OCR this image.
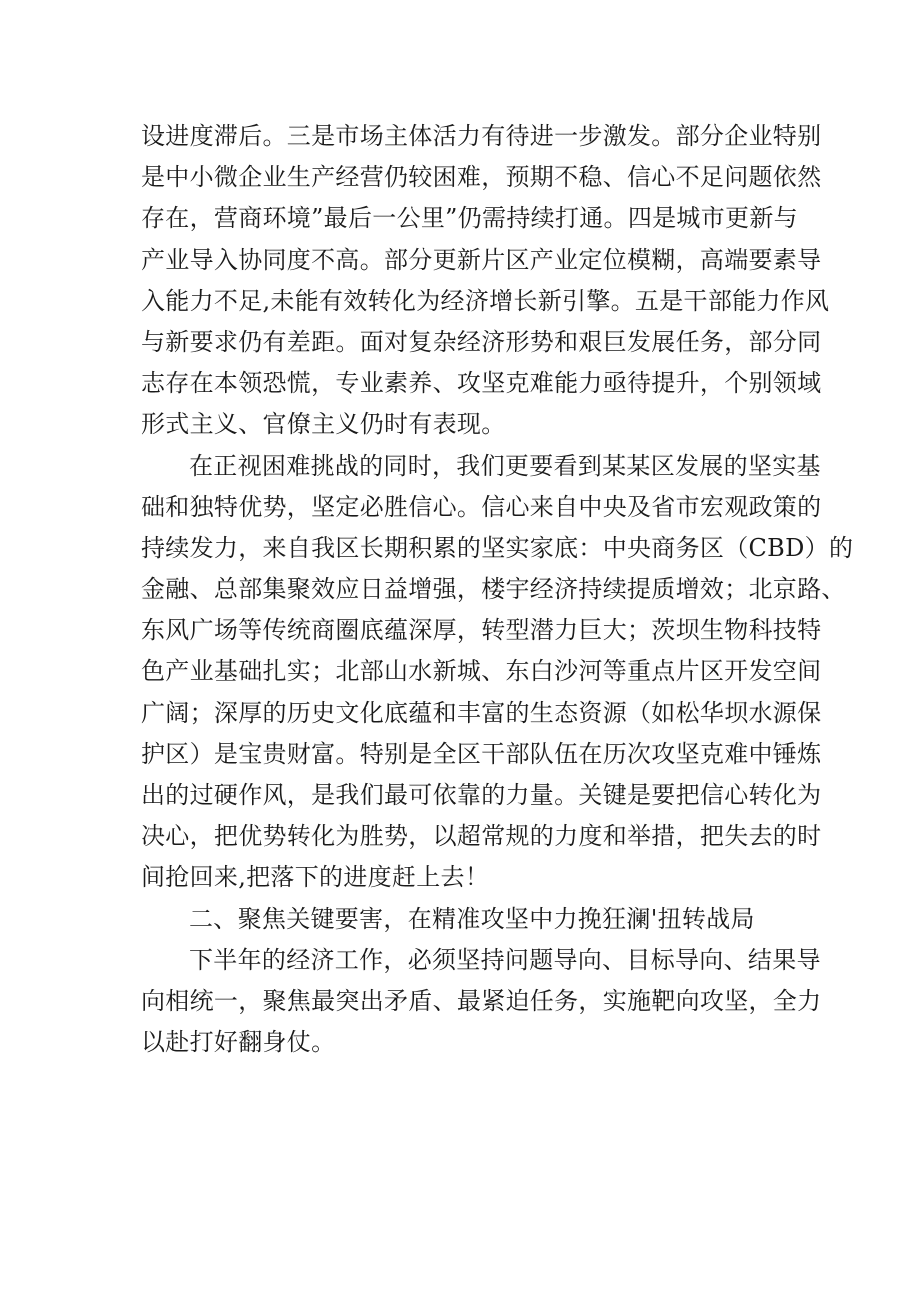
设进度滞后。三是市场主体活力有待进一步激发。部分企业特别
是中小微企业生产经营仍较困难，预期不稳、信心不足问题依然
存在，营商环境”最后一公里”仍需持续打通。四是城市更新与
产业导入协同度不高。部分更新片区产业定位模糊，高端要素导
入能力不足,未能有效转化为经济增长新引擎。五是干部能力作风
与新要求仍有差距。面对复杂经济形势和艰巨发展任务，部分同
志存在本领恐慌，专业素养、攻坚克难能力亟待提升，个别领域
形式主义、官僚主义仍时有表现。
在正视困难挑战的同时，我们更要看到某某区发展的坚实基
础和独特优势，坚定必胜信心。信心来自中央及省市宏观政策的
持续发力，来自我区长期积累的坚实家底：中央商务区（CBD）的
金融、总部集聚效应日益增强，楼宇经济持续提质增效；北京路、
东风广场等传统商圈底蕴深厚，转型潜力巨大；茨坝生物科技特
色产业基础扎实；北部山水新城、东白沙河等重点片区开发空间
广阔；深厚的历史文化底蕴和丰富的生态资源（如松华坝水源保
护区）是宝贵财富。特别是全区干部队伍在历次攻坚克难中锤炼
出的过硬作风，是我们最可依靠的力量。关键是要把信心转化为
决心，把优势转化为胜势，以超常规的力度和举措，把失去的时
间抢回来,把落下的进度赶上去！
二、聚焦关键要害，在精准攻坚中力挽狂澜'扭转战局
下半年的经济工作，必须坚持问题导向、目标导向、结果导
向相统一，聚焦最突出矛盾、最紧迫任务，实施靶向攻坚，全力
以赴打好翻身仗。
